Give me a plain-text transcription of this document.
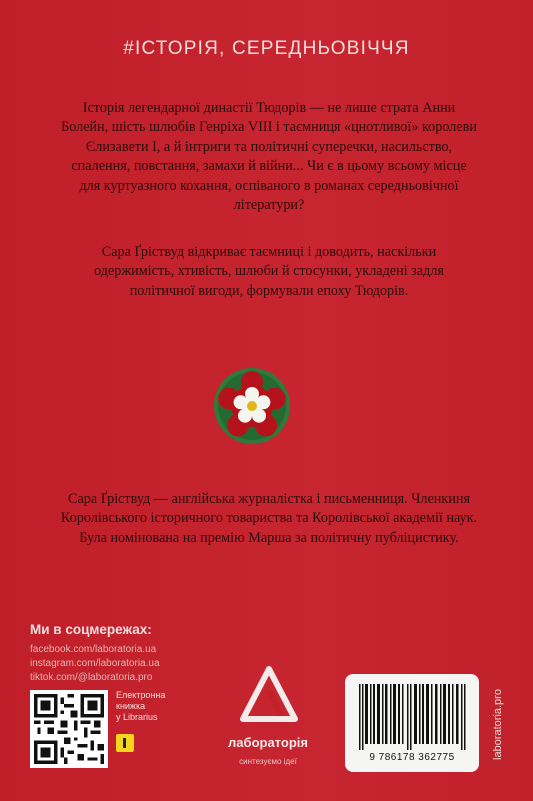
#ІСТОРІЯ, СЕРЕДНЬОВІЧЧЯ
Історія легендарної династії Тюдорів — не лише страта Анни Болейн, шість шлюбів Генріха VIII і таємниця «цнотливої» королеви Єлизавети І, а й інтриги та політичні суперечки, насильство, спалення, повстання, замахи й війни... Чи є в цьому всьому місце для куртуазного кохання, оспіваного в романах середньовічної літератури?
Сара Ґріствуд відкриває таємниці і доводить, наскільки одержимість, хтивість, шлюби й стосунки, укладені задля політичної вигоди, формували епоху Тюдорів.
Сара Ґріствуд — англійська журналістка і письменниця. Членкиня Королівського історичного товариства та Королівської академії наук. Була номінована на премію Марша за політичну публіцистику.
Ми в соцмережах:
facebook.com/laboratoria.ua
instagram.com/laboratoria.ua
tiktok.com/@laboratoria.pro
Електронна
книжка
у Librarius
лабораторія
синтезуємо ідеї	9 786178 362775	laboratoria.pro
